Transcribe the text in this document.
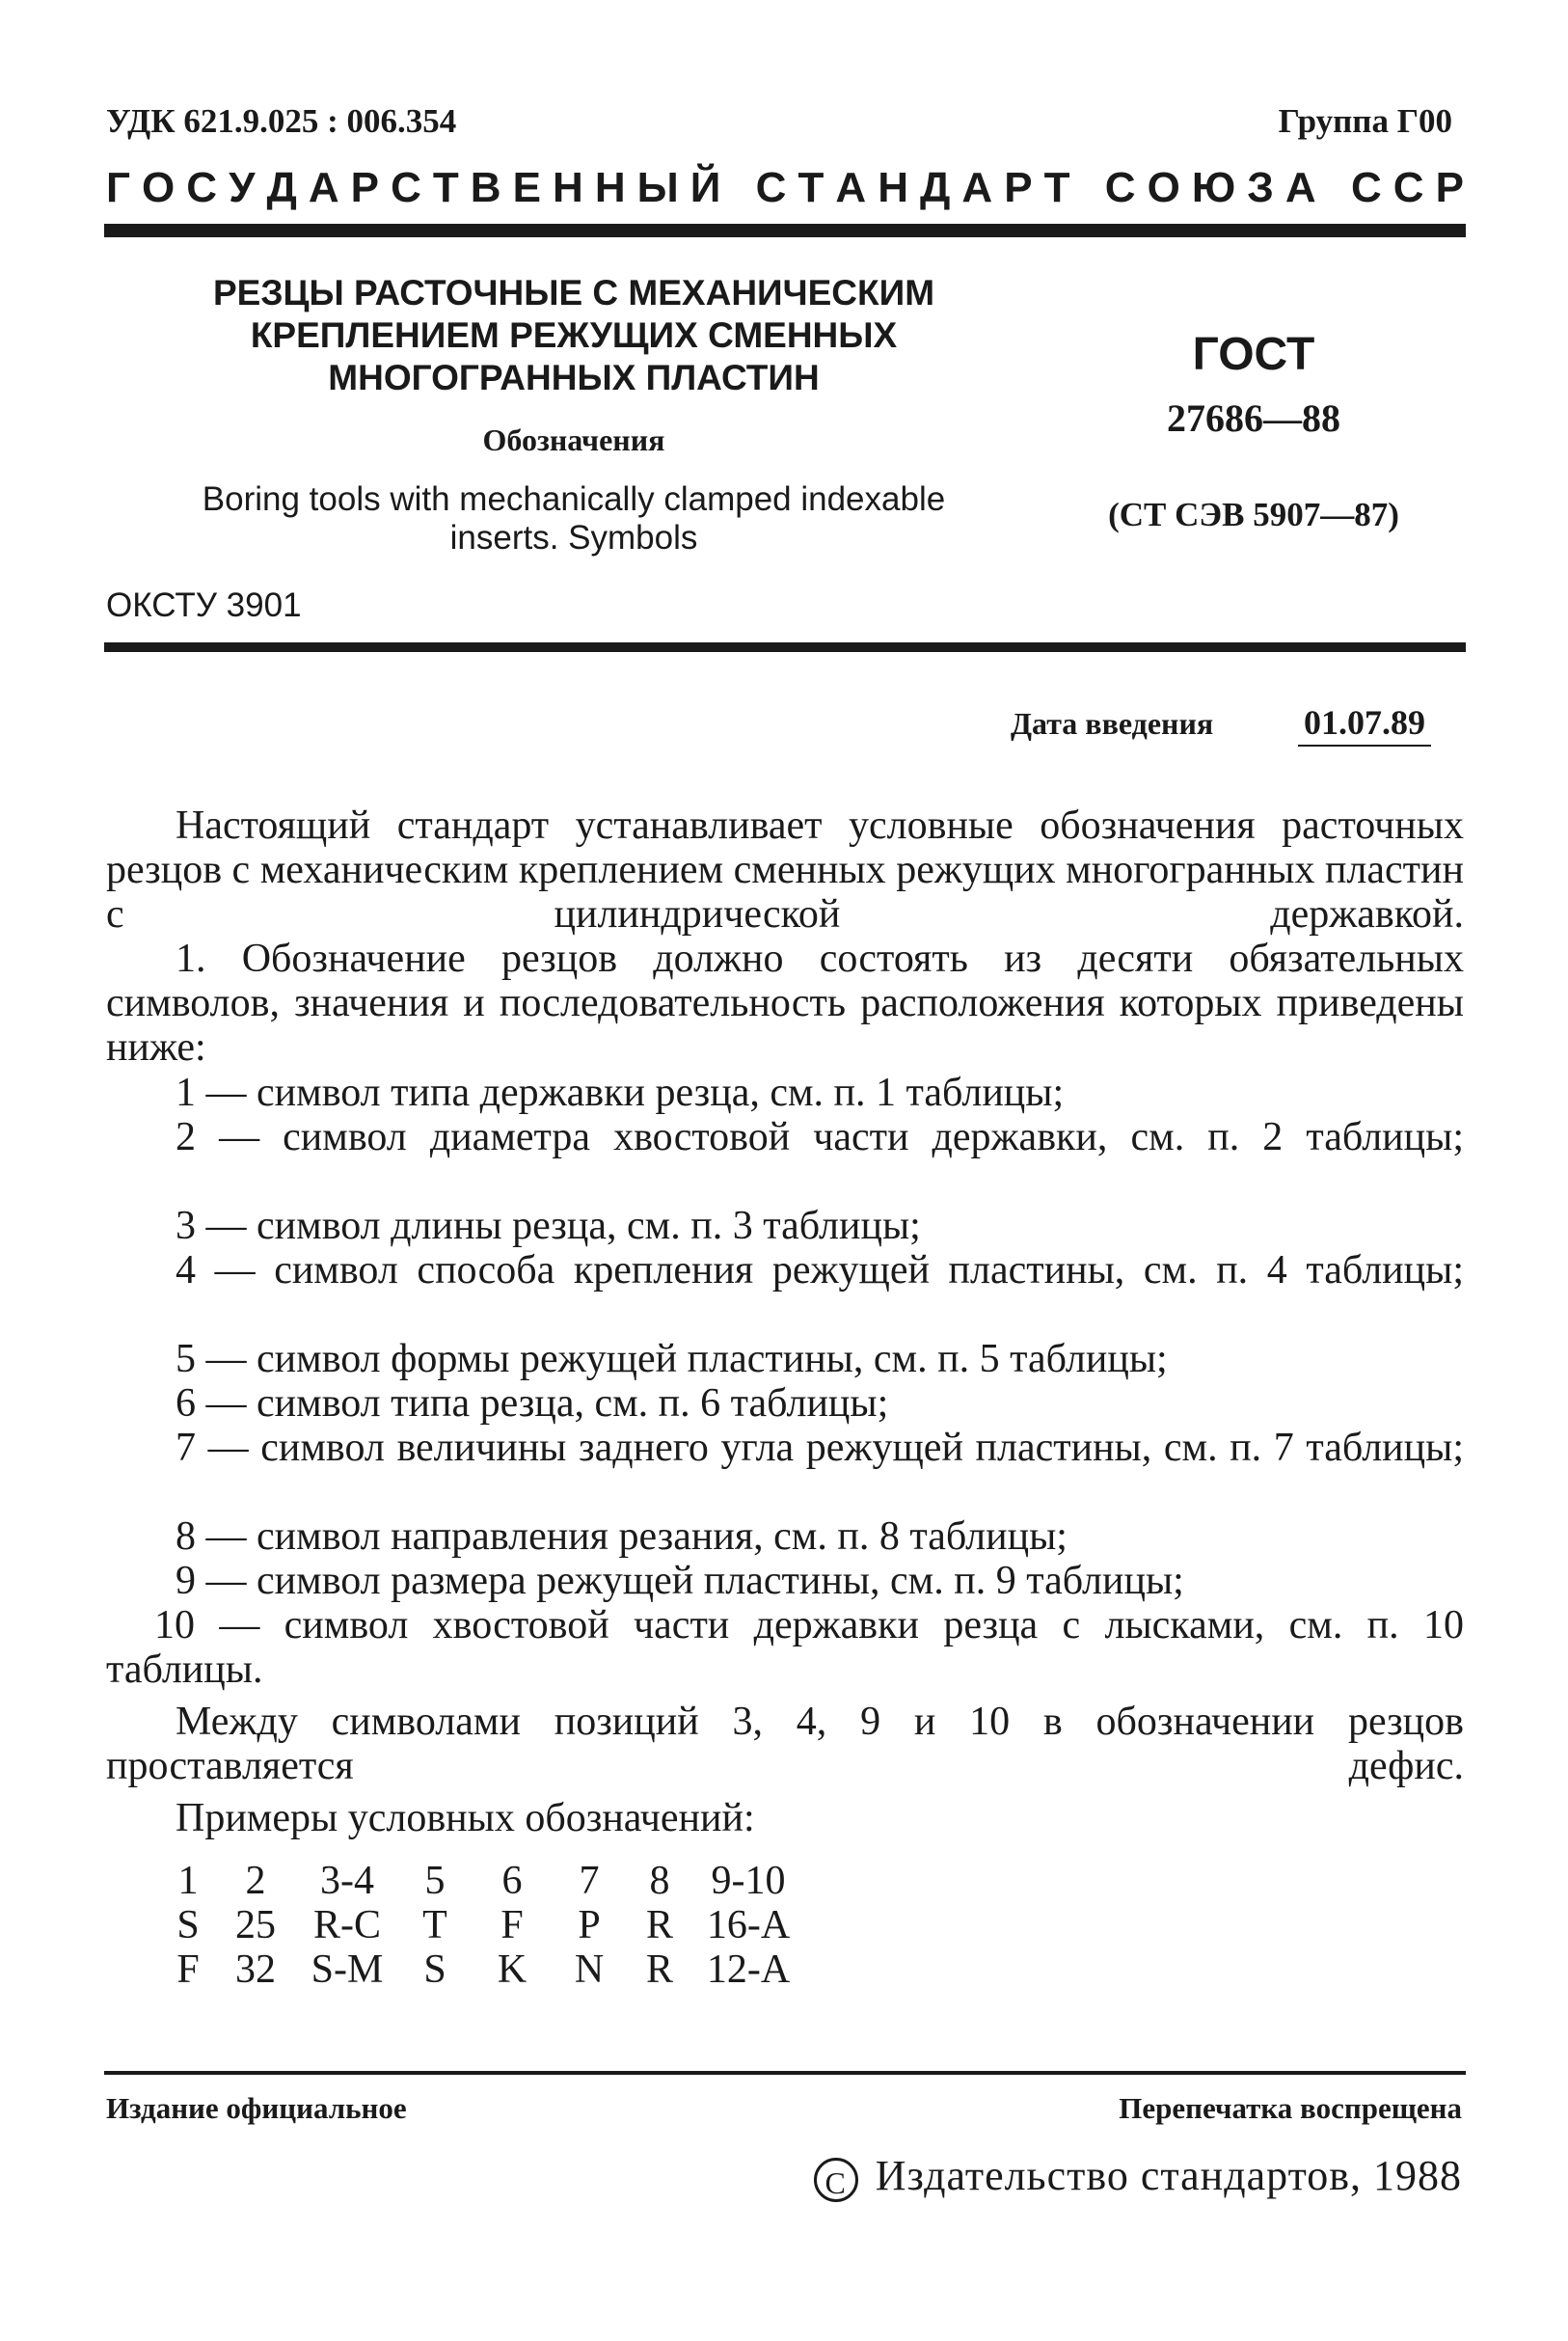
УДК 621.9.025 : 006.354	Группа Г00

Г О С У Д А Р С Т В Е Н Н Ы Й
С Т А Н Д А Р Т
С О Ю З А
С С Р

РЕЗЦЫ РАСТОЧНЫЕ С МЕХАНИЧЕСКИМ КРЕПЛЕНИЕМ РЕЖУЩИХ СМЕННЫХ МНОГОГРАННЫХ ПЛАСТИН

Обозначения

Boring tools with mechanically clamped indexable inserts. Symbols

ГОСТ

27686—88

(СТ СЭВ 5907—87)

ОКСТУ 3901

Дата введения	01.07.89

Настоящий стандарт устанавливает условные обозначения расточных резцов с механическим креплением сменных режущих многогранных пластин с цилиндрической державкой.

1. Обозначение резцов должно состоять из десяти обязательных символов, значения и последовательность расположения которых приведены ниже:

1 — символ типа державки резца, см. п. 1 таблицы;

2 — символ диаметра хвостовой части державки, см. п. 2 таблицы;

3 — символ длины резца, см. п. 3 таблицы;

4 — символ способа крепления режущей пластины, см. п. 4 таблицы;

5 — символ формы режущей пластины, см. п. 5 таблицы;

6 — символ типа резца, см. п. 6 таблицы;

7 — символ величины заднего угла режущей пластины, см. п. 7 таблицы;

8 — символ направления резания, см. п. 8 таблицы;

9 — символ размера режущей пластины, см. п. 9 таблицы;

10 — символ хвостовой части державки резца с лысками, см. п. 10 таблицы.

Между символами позиций 3, 4, 9 и 10 в обозначении резцов проставляется дефис.

Примеры условных обозначений:

1	2	3-4	5	6	7	8	9-10
S	25	R-C	T	F	P	R	16-A
F	32	S-M	S	K	N	R	12-A

Издание официальное	Перепечатка воспрещена

C Издательство стандартов, 1988
